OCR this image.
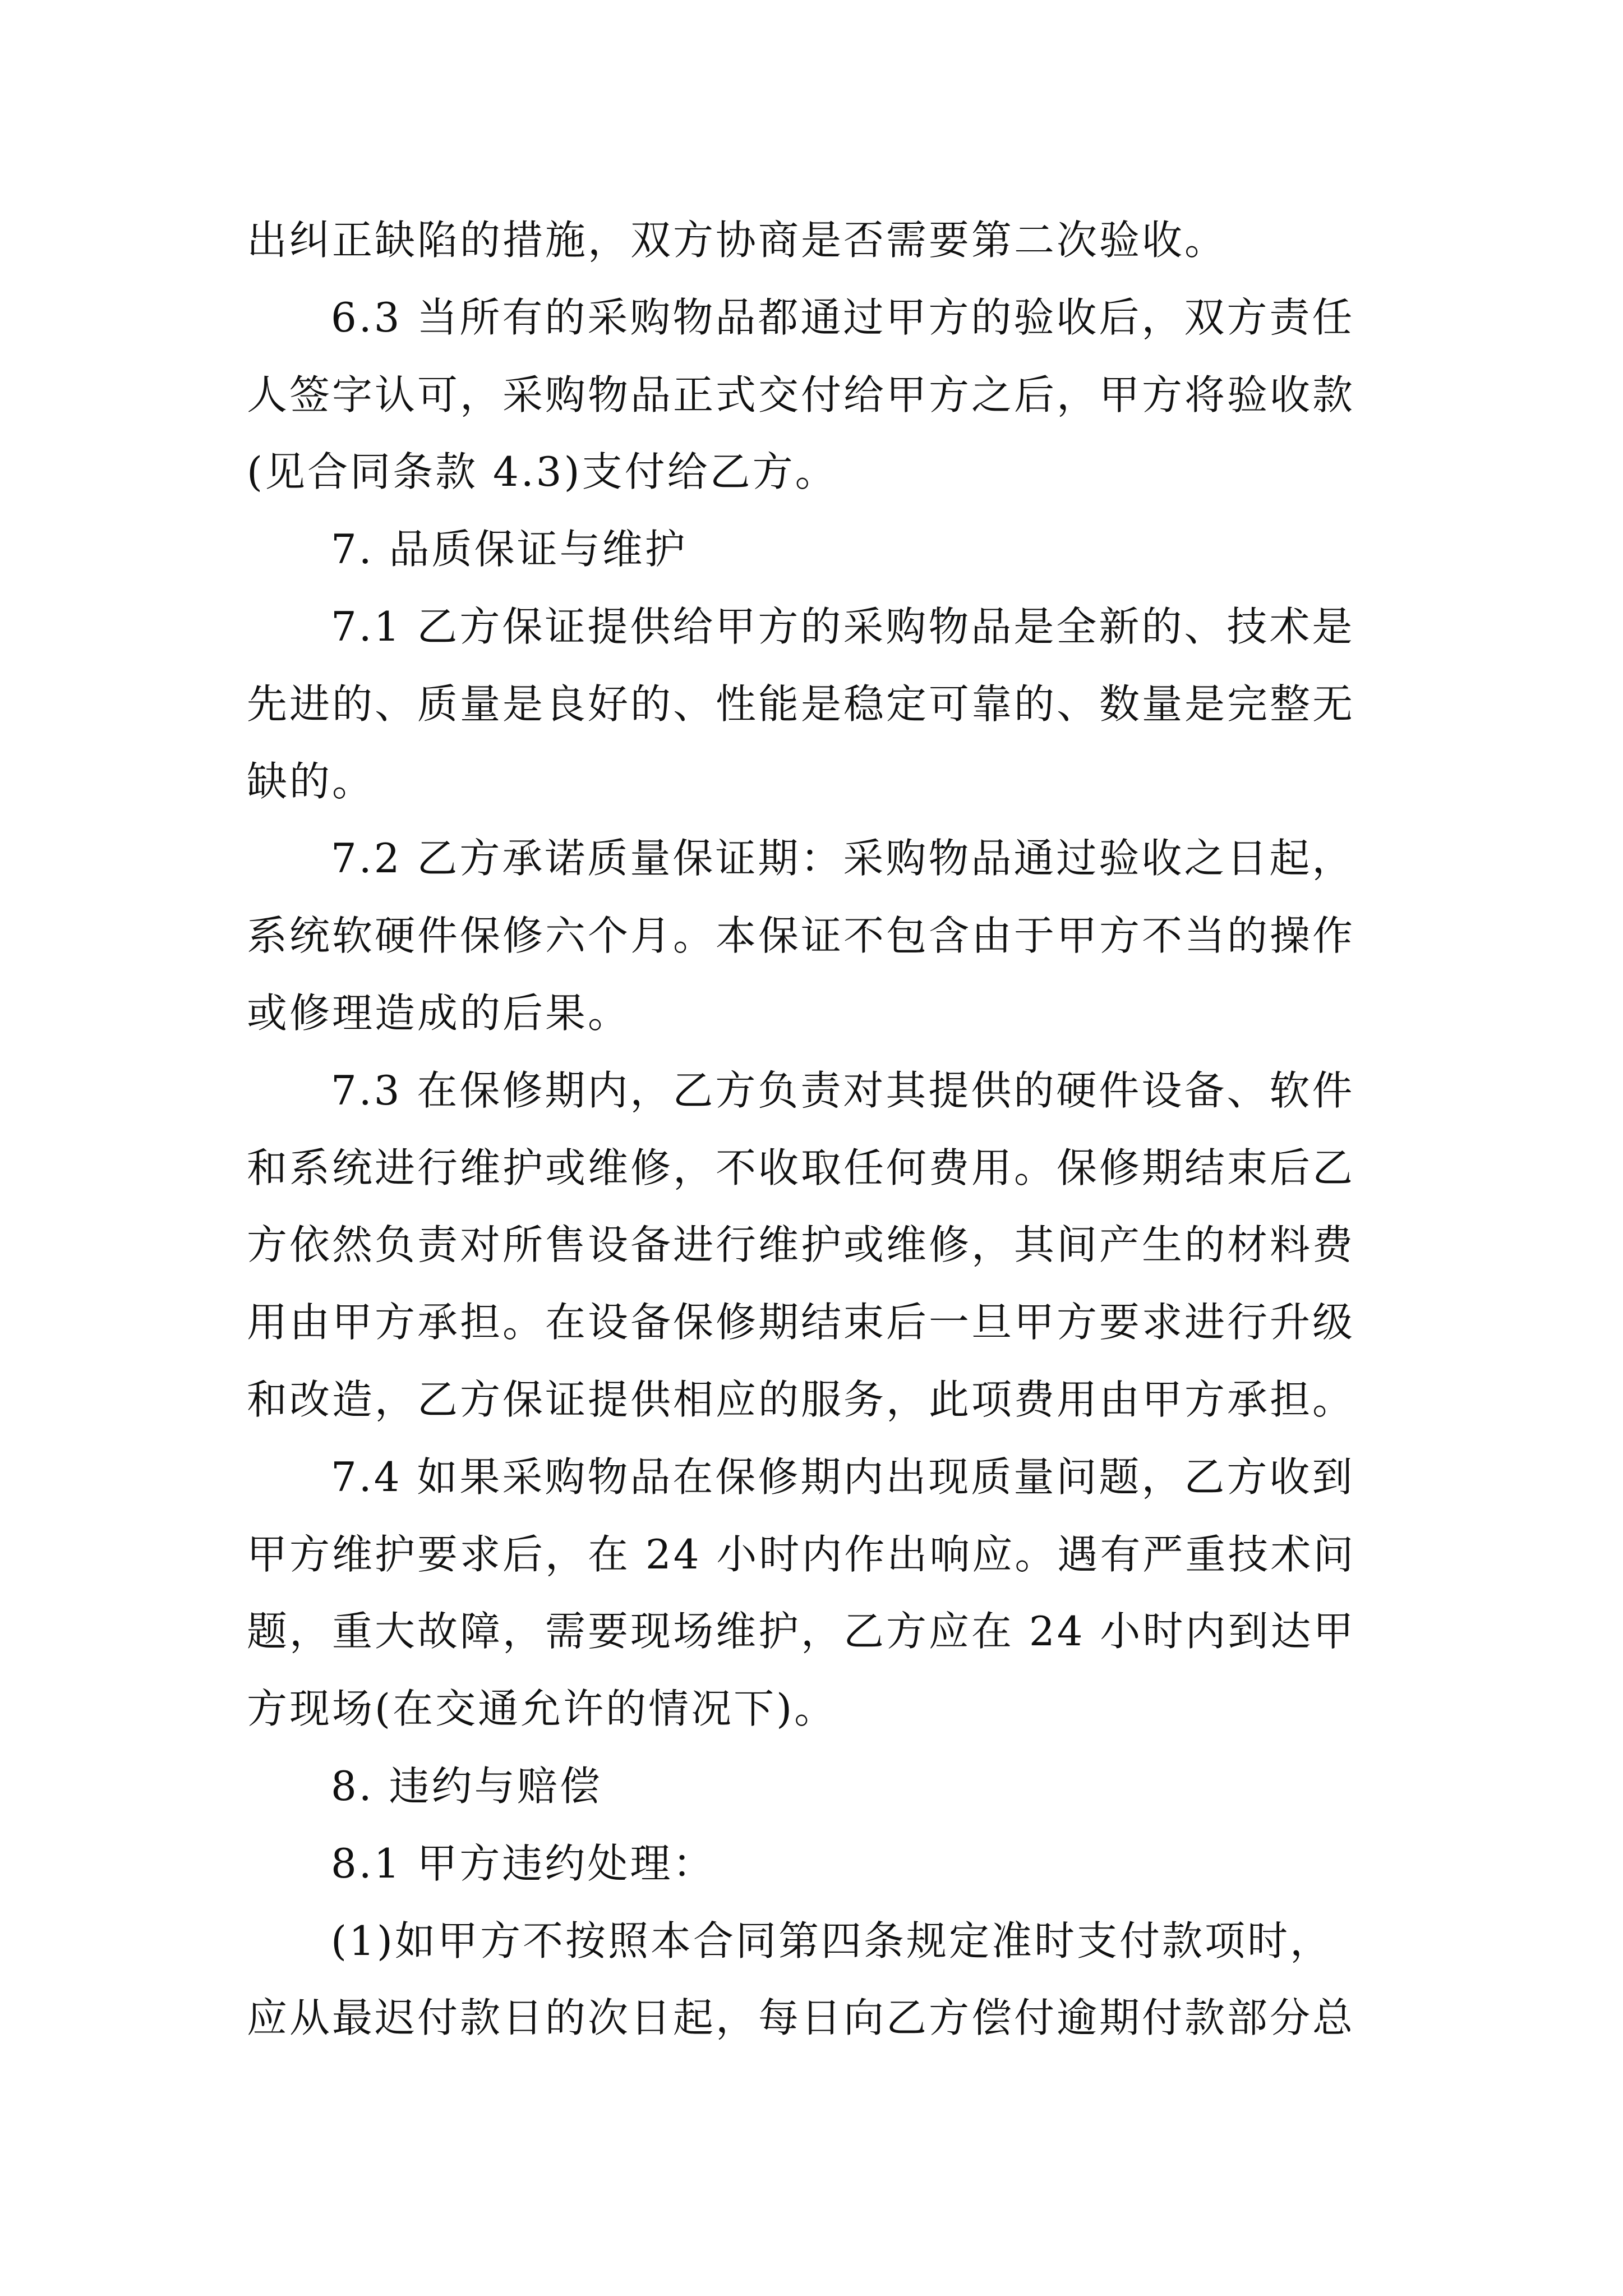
出纠正缺陷的措施，双方协商是否需要第二次验收。
6.3 当所有的采购物品都通过甲方的验收后，双方责任
人签字认可，采购物品正式交付给甲方之后，甲方将验收款
(见合同条款 4.3)支付给乙方。
7. 品质保证与维护
7.1 乙方保证提供给甲方的采购物品是全新的、技术是
先进的、质量是良好的、性能是稳定可靠的、数量是完整无
缺的。
7.2 乙方承诺质量保证期：采购物品通过验收之日起，
系统软硬件保修六个月。本保证不包含由于甲方不当的操作
或修理造成的后果。
7.3 在保修期内，乙方负责对其提供的硬件设备、软件
和系统进行维护或维修，不收取任何费用。保修期结束后乙
方依然负责对所售设备进行维护或维修，其间产生的材料费
用由甲方承担。在设备保修期结束后一旦甲方要求进行升级
和改造，乙方保证提供相应的服务，此项费用由甲方承担。
7.4 如果采购物品在保修期内出现质量问题，乙方收到
甲方维护要求后，在 24 小时内作出响应。遇有严重技术问
题，重大故障，需要现场维护，乙方应在 24 小时内到达甲
方现场(在交通允许的情况下)。
8. 违约与赔偿
8.1 甲方违约处理：
(1)如甲方不按照本合同第四条规定准时支付款项时，
应从最迟付款日的次日起，每日向乙方偿付逾期付款部分总
